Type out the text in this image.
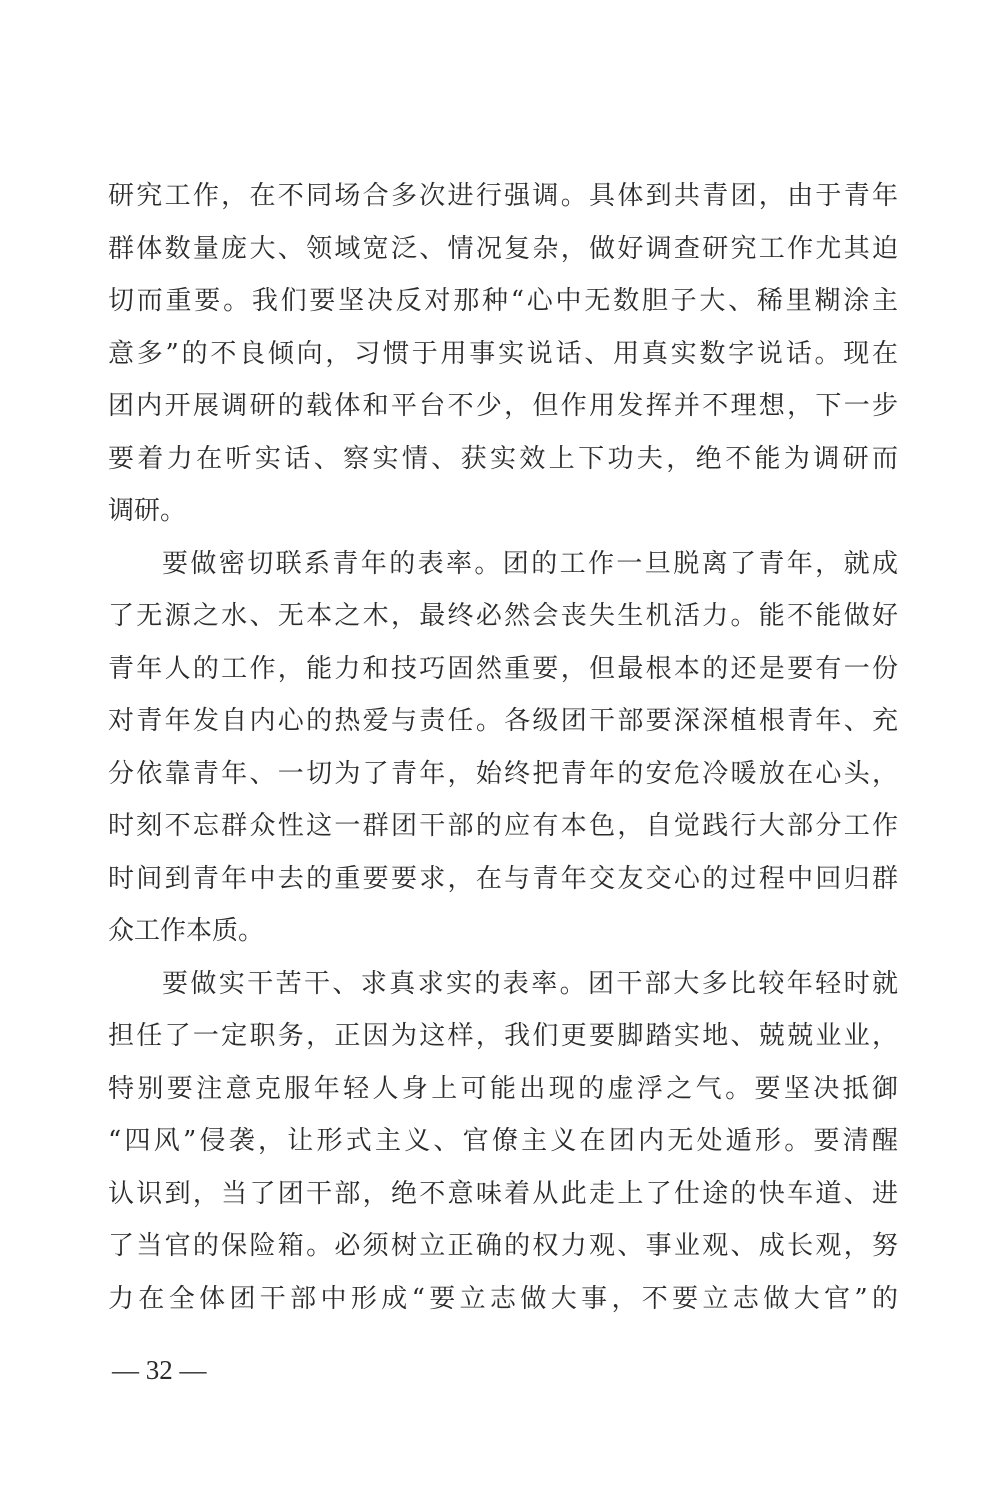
研究工作，在不同场合多次进行强调。具体到共青团，由于青年
群体数量庞大、领域宽泛、情况复杂，做好调查研究工作尤其迫
切而重要。我们要坚决反对那种“心中无数胆子大、稀里糊涂主
意多”的不良倾向，习惯于用事实说话、用真实数字说话。现在
团内开展调研的载体和平台不少，但作用发挥并不理想，下一步
要着力在听实话、察实情、获实效上下功夫，绝不能为调研而
调研。
要做密切联系青年的表率。团的工作一旦脱离了青年，就成
了无源之水、无本之木，最终必然会丧失生机活力。能不能做好
青年人的工作，能力和技巧固然重要，但最根本的还是要有一份
对青年发自内心的热爱与责任。各级团干部要深深植根青年、充
分依靠青年、一切为了青年，始终把青年的安危冷暖放在心头，
时刻不忘群众性这一群团干部的应有本色，自觉践行大部分工作
时间到青年中去的重要要求，在与青年交友交心的过程中回归群
众工作本质。
要做实干苦干、求真求实的表率。团干部大多比较年轻时就
担任了一定职务，正因为这样，我们更要脚踏实地、兢兢业业，
特别要注意克服年轻人身上可能出现的虚浮之气。要坚决抵御
“四风”侵袭，让形式主义、官僚主义在团内无处遁形。要清醒
认识到，当了团干部，绝不意味着从此走上了仕途的快车道、进
了当官的保险箱。必须树立正确的权力观、事业观、成长观，努
力在全体团干部中形成“要立志做大事，不要立志做大官”的
— 32 —
